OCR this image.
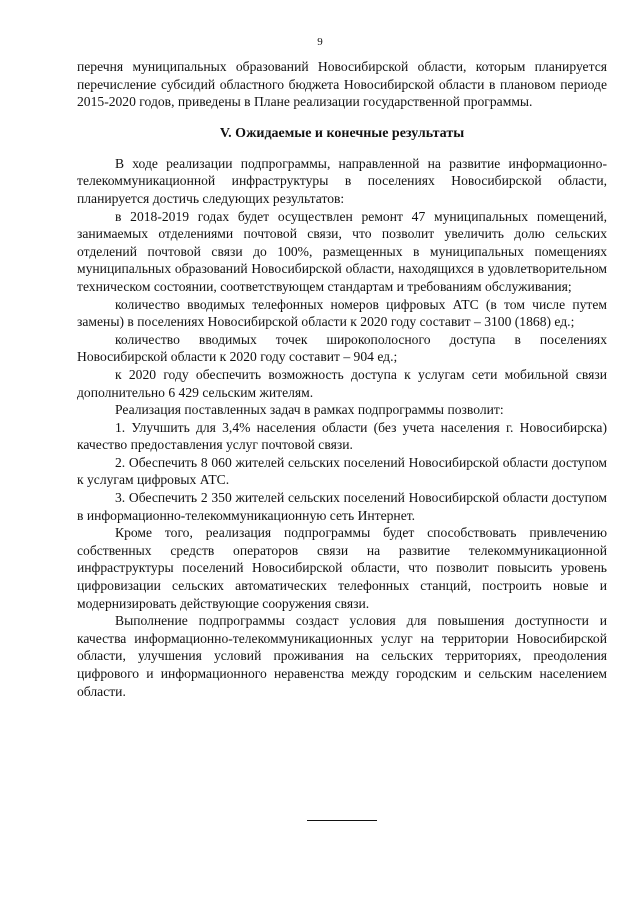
9

перечня муниципальных образований Новосибирской области, которым планируется перечисление субсидий областного бюджета Новосибирской области в плановом периоде 2015-2020 годов, приведены в Плане реализации государственной программы.

V. Ожидаемые и конечные результаты

В ходе реализации подпрограммы, направленной на развитие информационно-телекоммуникационной инфраструктуры в поселениях Новосибирской области, планируется достичь следующих результатов:

в 2018-2019 годах будет осуществлен ремонт 47 муниципальных помещений, занимаемых отделениями почтовой связи, что позволит увеличить долю сельских отделений почтовой связи до 100%, размещенных в муниципальных помещениях муниципальных образований Новосибирской области, находящихся в удовлетворительном техническом состоянии, соответствующем стандартам и требованиям обслуживания;

количество вводимых телефонных номеров цифровых АТС (в том числе путем замены) в поселениях Новосибирской области к 2020 году составит – 3100 (1868) ед.;

количество вводимых точек широкополосного доступа в поселениях Новосибирской области к 2020 году составит – 904 ед.;

к 2020 году обеспечить возможность доступа к услугам сети мобильной связи дополнительно 6 429 сельским жителям.

Реализация поставленных задач в рамках подпрограммы позволит:

1. Улучшить для 3,4% населения области (без учета населения г. Новосибирска) качество предоставления услуг почтовой связи.

2. Обеспечить 8 060 жителей сельских поселений Новосибирской области доступом к услугам цифровых АТС.

3. Обеспечить 2 350 жителей сельских поселений Новосибирской области доступом в информационно-телекоммуникационную сеть Интернет.

Кроме того, реализация подпрограммы будет способствовать привлечению собственных средств операторов связи на развитие телекоммуникационной инфраструктуры поселений Новосибирской области, что позволит повысить уровень цифровизации сельских автоматических телефонных станций, построить новые и модернизировать действующие сооружения связи.

Выполнение подпрограммы создаст условия для повышения доступности и качества информационно-телекоммуникационных услуг на территории Новосибирской области, улучшения условий проживания на сельских территориях, преодоления цифрового и информационного неравенства между городским и сельским населением области.
